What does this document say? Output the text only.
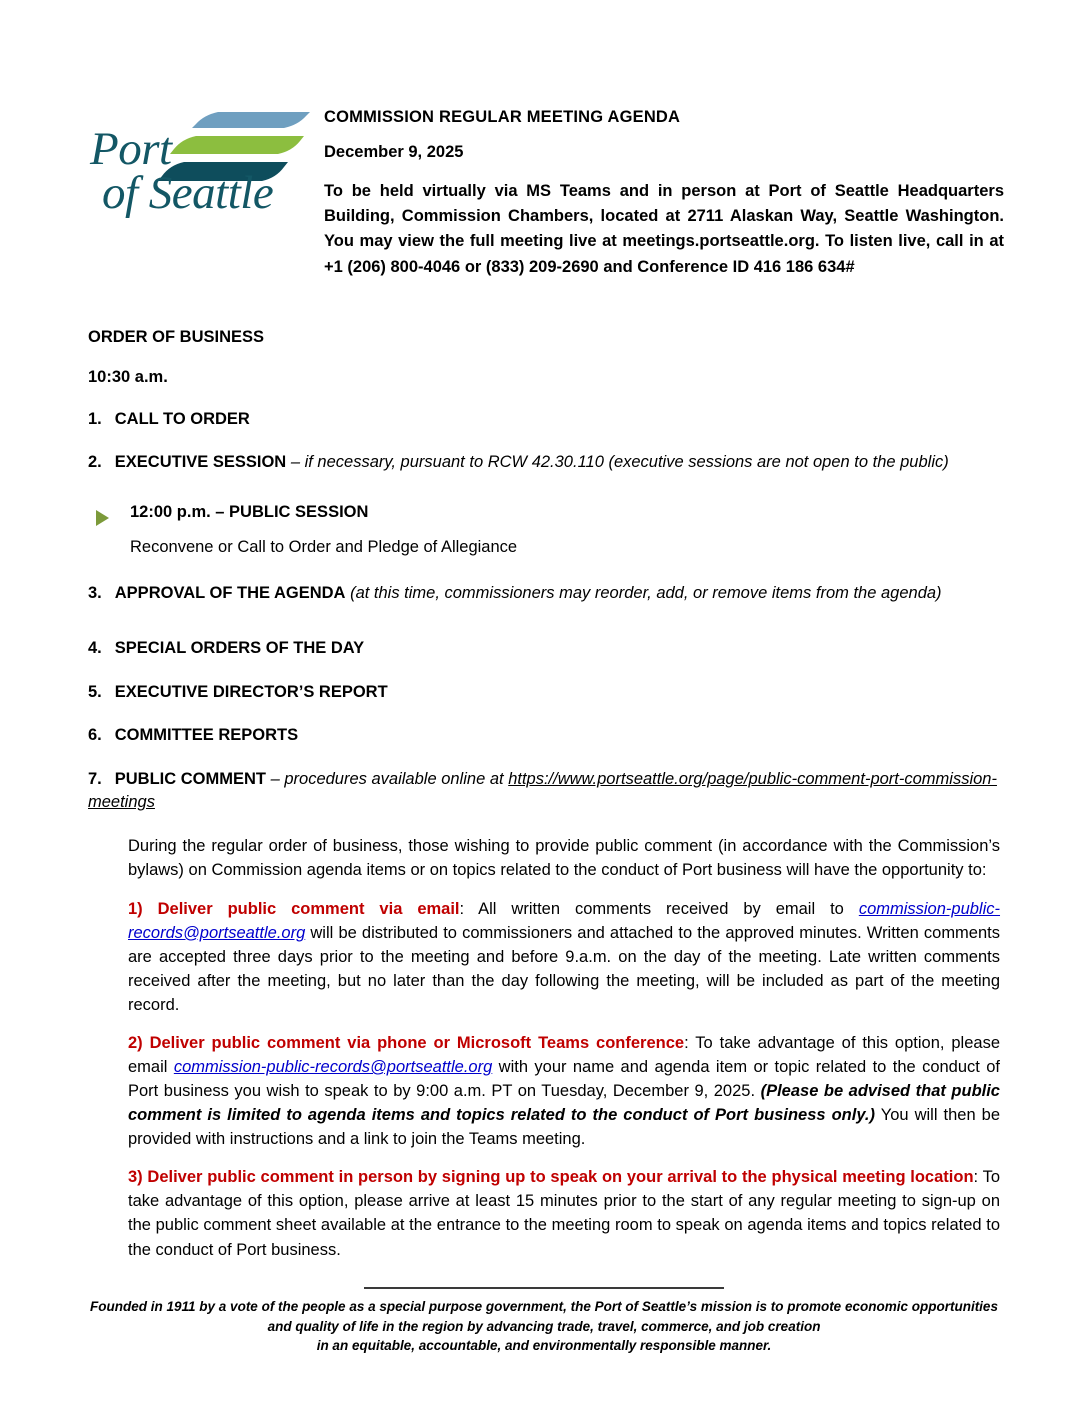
Port
of Seattle
COMMISSION REGULAR MEETING AGENDA
December 9, 2025
To be held virtually via MS Teams and in person at Port of Seattle Headquarters Building, Commission Chambers, located at 2711 Alaskan Way, Seattle Washington. You may view the full meeting live at meetings.portseattle.org. To listen live, call in at +1 (206) 800-4046 or (833) 209-2690 and Conference ID 416 186 634#
ORDER OF BUSINESS
10:30 a.m.
1. CALL TO ORDER
2. EXECUTIVE SESSION – if necessary, pursuant to RCW 42.30.110 (executive sessions are not open to the public)
12:00 p.m. – PUBLIC SESSION
Reconvene or Call to Order and Pledge of Allegiance
3. APPROVAL OF THE AGENDA (at this time, commissioners may reorder, add, or remove items from the agenda)
4. SPECIAL ORDERS OF THE DAY
5. EXECUTIVE DIRECTOR’S REPORT
6. COMMITTEE REPORTS
7. PUBLIC COMMENT – procedures available online at https://www.portseattle.org/page/public-comment-port-commission-meetings
During the regular order of business, those wishing to provide public comment (in accordance with the Commission’s bylaws) on Commission agenda items or on topics related to the conduct of Port business will have the opportunity to:
1) Deliver public comment via email: All written comments received by email to commission-public-records@portseattle.org will be distributed to commissioners and attached to the approved minutes. Written comments are accepted three days prior to the meeting and before 9.a.m. on the day of the meeting. Late written comments received after the meeting, but no later than the day following the meeting, will be included as part of the meeting record.
2) Deliver public comment via phone or Microsoft Teams conference: To take advantage of this option, please email commission-public-records@portseattle.org with your name and agenda item or topic related to the conduct of Port business you wish to speak to by 9:00 a.m. PT on Tuesday, December 9, 2025. (Please be advised that public comment is limited to agenda items and topics related to the conduct of Port business only.) You will then be provided with instructions and a link to join the Teams meeting.
3) Deliver public comment in person by signing up to speak on your arrival to the physical meeting location: To take advantage of this option, please arrive at least 15 minutes prior to the start of any regular meeting to sign-up on the public comment sheet available at the entrance to the meeting room to speak on agenda items and topics related to the conduct of Port business.
Founded in 1911 by a vote of the people as a special purpose government, the Port of Seattle’s mission is to promote economic opportunities
and quality of life in the region by advancing trade, travel, commerce, and job creation
in an equitable, accountable, and environmentally responsible manner.
